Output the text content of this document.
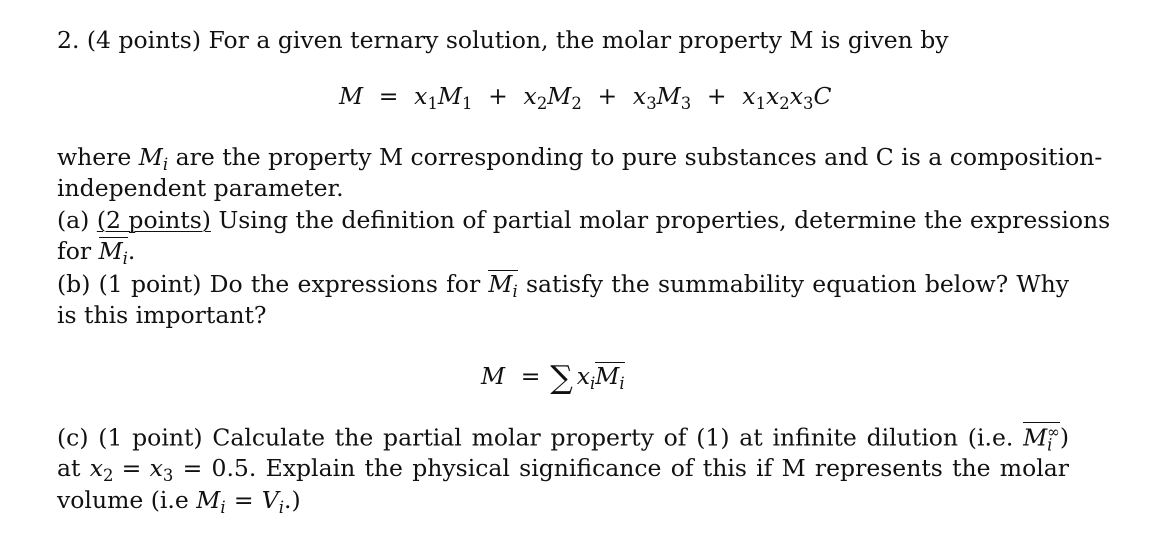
2. (4 points) For a given ternary solution, the molar property M is given by
$M = x_1M_1 + x_2M_2 + x_3M_3 + x_1x_2x_3C$
where $M_i$ are the property M corresponding to pure substances and C is a composition-
independent parameter.
(a) (2 points) Using the definition of partial molar properties, determine the expressions
for $M_i$.
(b) (1 point) Do the expressions for $M_i$ satisfy the summability equation below? Why
is this important?
M = ∑ $x_iM_i$
(c) (1 point) Calculate the partial molar property of (1) at infinite dilution (i.e. $M_i^\infty$)
at $x_2 = x_3 = 0.5$. Explain the physical significance of this if M represents the molar
volume (i.e $M_i = V_i$.)
